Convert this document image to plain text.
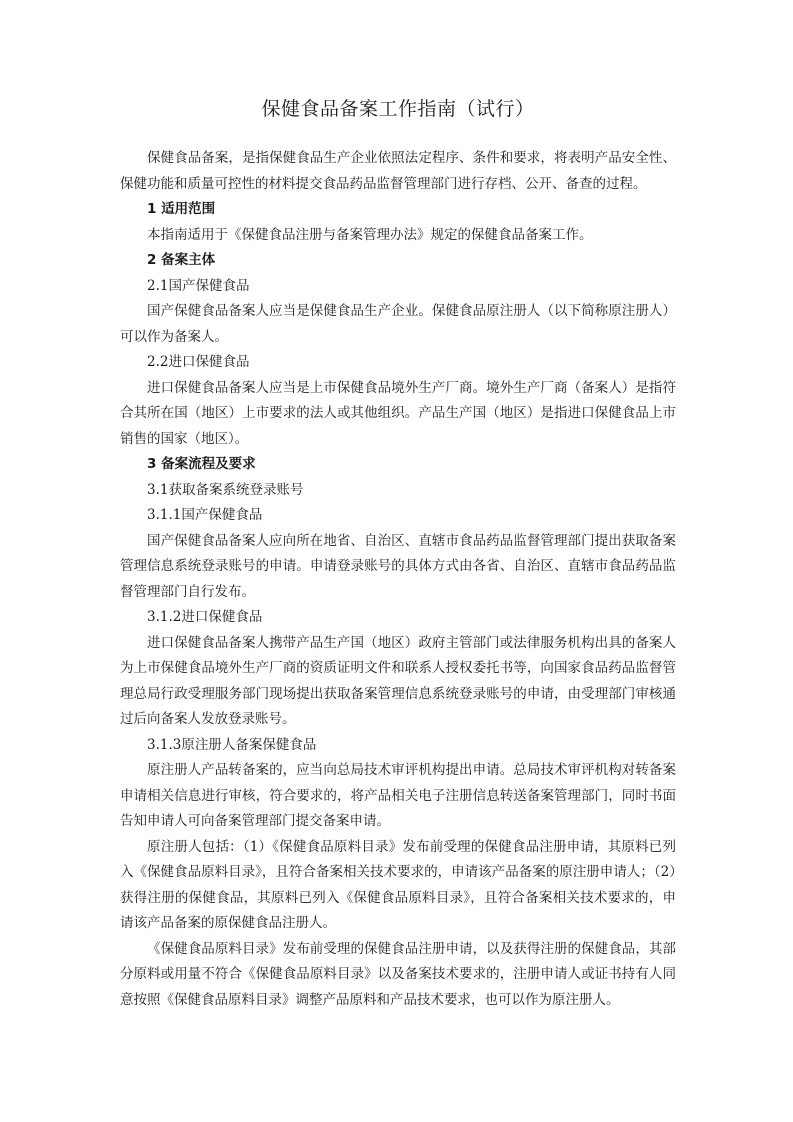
保健食品备案工作指南（试行）

保健食品备案，是指保健食品生产企业依照法定程序、条件和要求，将表明产品安全性、保健功能和质量可控性的材料提交食品药品监督管理部门进行存档、公开、备查的过程。

1 适用范围

本指南适用于《保健食品注册与备案管理办法》规定的保健食品备案工作。

2 备案主体

2.1国产保健食品

国产保健食品备案人应当是保健食品生产企业。保健食品原注册人（以下简称原注册人）可以作为备案人。

2.2进口保健食品

进口保健食品备案人应当是上市保健食品境外生产厂商。境外生产厂商（备案人）是指符合其所在国（地区）上市要求的法人或其他组织。产品生产国（地区）是指进口保健食品上市销售的国家（地区）。

3 备案流程及要求

3.1获取备案系统登录账号

3.1.1国产保健食品

国产保健食品备案人应向所在地省、自治区、直辖市食品药品监督管理部门提出获取备案管理信息系统登录账号的申请。申请登录账号的具体方式由各省、自治区、直辖市食品药品监督管理部门自行发布。

3.1.2进口保健食品

进口保健食品备案人携带产品生产国（地区）政府主管部门或法律服务机构出具的备案人为上市保健食品境外生产厂商的资质证明文件和联系人授权委托书等，向国家食品药品监督管理总局行政受理服务部门现场提出获取备案管理信息系统登录账号的申请，由受理部门审核通过后向备案人发放登录账号。

3.1.3原注册人备案保健食品

原注册人产品转备案的，应当向总局技术审评机构提出申请。总局技术审评机构对转备案申请相关信息进行审核，符合要求的，将产品相关电子注册信息转送备案管理部门，同时书面告知申请人可向备案管理部门提交备案申请。

原注册人包括：（1）《保健食品原料目录》发布前受理的保健食品注册申请，其原料已列入《保健食品原料目录》，且符合备案相关技术要求的，申请该产品备案的原注册申请人；（2）获得注册的保健食品，其原料已列入《保健食品原料目录》，且符合备案相关技术要求的，申请该产品备案的原保健食品注册人。

《保健食品原料目录》发布前受理的保健食品注册申请，以及获得注册的保健食品，其部分原料或用量不符合《保健食品原料目录》以及备案技术要求的，注册申请人或证书持有人同意按照《保健食品原料目录》调整产品原料和产品技术要求，也可以作为原注册人。
